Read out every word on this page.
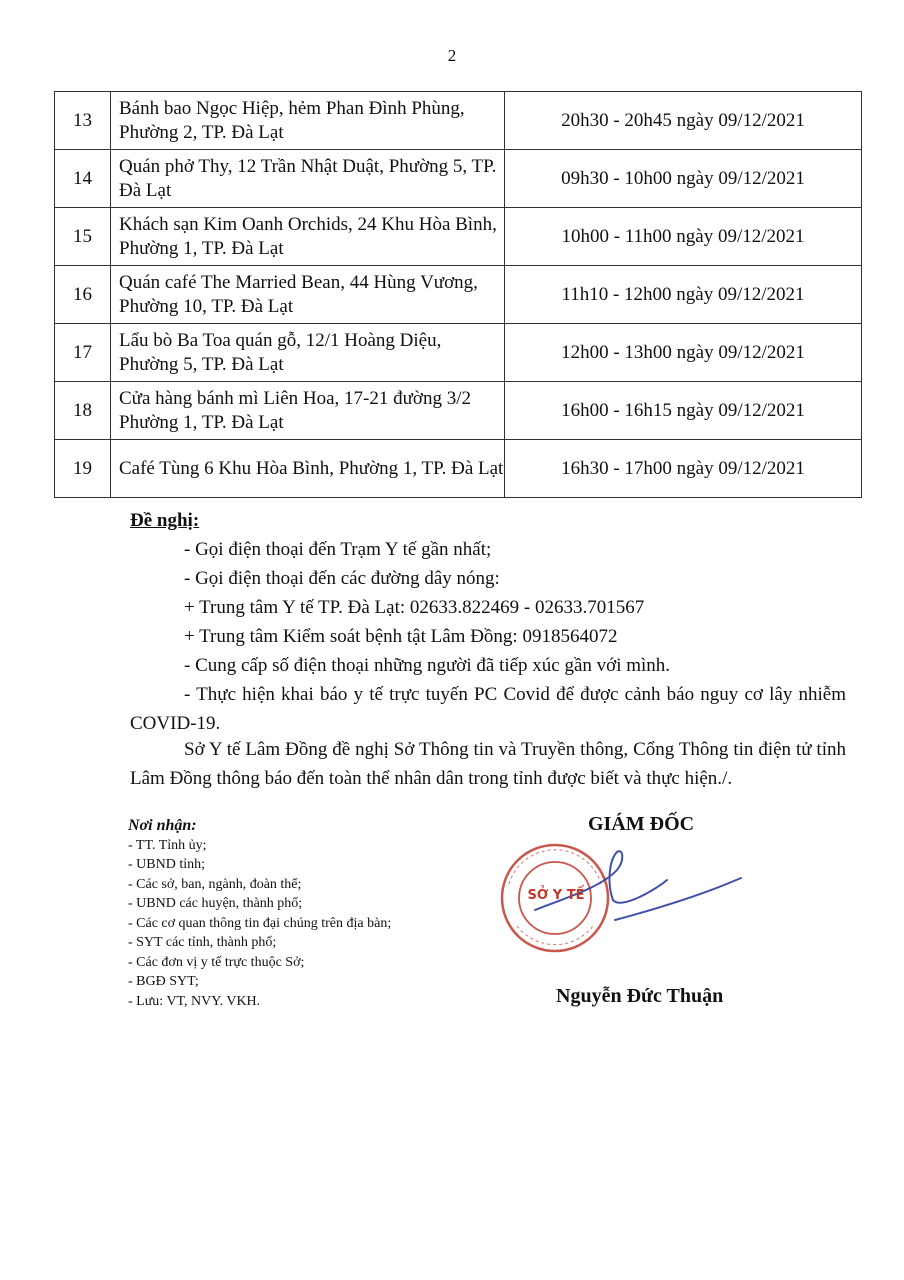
2
13	Bánh bao Ngọc Hiệp, hẻm Phan Đình Phùng, Phường 2, TP. Đà Lạt	20h30 - 20h45 ngày 09/12/2021
14	Quán phở Thy, 12 Trần Nhật Duật, Phường 5, TP. Đà Lạt	09h30 - 10h00 ngày 09/12/2021
15	Khách sạn Kim Oanh Orchids, 24 Khu Hòa Bình, Phường 1, TP. Đà Lạt	10h00 - 11h00 ngày 09/12/2021
16	Quán café The Married Bean, 44 Hùng Vương, Phường 10, TP. Đà Lạt	11h10 - 12h00 ngày 09/12/2021
17	Lẩu bò Ba Toa quán gỗ, 12/1 Hoàng Diệu, Phường 5, TP. Đà Lạt	12h00 - 13h00 ngày 09/12/2021
18	Cửa hàng bánh mì Liên Hoa, 17-21 đường 3/2 Phường 1, TP. Đà Lạt	16h00 - 16h15 ngày 09/12/2021
19	Café Tùng 6 Khu Hòa Bình, Phường 1, TP. Đà Lạt	16h30 - 17h00 ngày 09/12/2021
Đề nghị:
- Gọi điện thoại đến Trạm Y tế gần nhất;
- Gọi điện thoại đến các đường dây nóng:
+ Trung tâm Y tế TP. Đà Lạt: 02633.822469 - 02633.701567
+ Trung tâm Kiểm soát bệnh tật Lâm Đồng: 0918564072
- Cung cấp số điện thoại những người đã tiếp xúc gần với mình.
- Thực hiện khai báo y tế trực tuyến PC Covid để được cảnh báo nguy cơ lây nhiễm COVID-19.
Sở Y tế Lâm Đồng đề nghị Sở Thông tin và Truyền thông, Cổng Thông tin điện tử tỉnh Lâm Đồng thông báo đến toàn thể nhân dân trong tỉnh được biết và thực hiện./.
Nơi nhận:
- TT. Tỉnh ủy;
- UBND tỉnh;
- Các sở, ban, ngành, đoàn thể;
- UBND các huyện, thành phố;
- Các cơ quan thông tin đại chúng trên địa bàn;
- SYT các tỉnh, thành phố;
- Các đơn vị y tế trực thuộc Sở;
- BGĐ SYT;
- Lưu: VT, NVY. VKH.
GIÁM ĐỐC
SỞ Y TẾ
Nguyễn Đức Thuận
